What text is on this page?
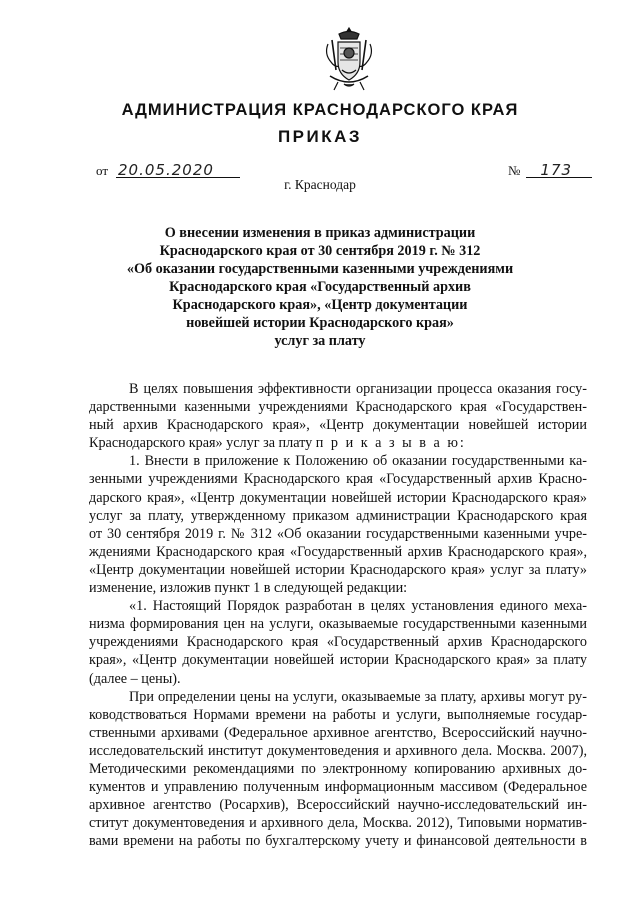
АДМИНИСТРАЦИЯ КРАСНОДАРСКОГО КРАЯ
ПРИКАЗ
от 20.05.2020	№ 173
г. Краснодар
О внесении изменения в приказ администрации
Краснодарского края от 30 сентября 2019 г. № 312
«Об оказании государственными казенными учреждениями
Краснодарского края «Государственный архив
Краснодарского края», «Центр документации
новейшей истории Краснодарского края»
услуг за плату
В целях повышения эффективности организации процесса оказания госу-
дарственными казенными учреждениями Краснодарского края «Государствен-
ный архив Краснодарского края», «Центр документации новейшей истории
Краснодарского края» услуг за плату п р и к а з ы в а ю:
1. Внести в приложение к Положению об оказании государственными ка-
зенными учреждениями Краснодарского края «Государственный архив Красно-
дарского края», «Центр документации новейшей истории Краснодарского края»
услуг за плату, утвержденному приказом администрации Краснодарского края
от 30 сентября 2019 г. № 312 «Об оказании государственными казенными учре-
ждениями Краснодарского края «Государственный архив Краснодарского края»,
«Центр документации новейшей истории Краснодарского края» услуг за плату»
изменение, изложив пункт 1 в следующей редакции:
«1. Настоящий Порядок разработан в целях установления единого меха-
низма формирования цен на услуги, оказываемые государственными казенными
учреждениями Краснодарского края «Государственный архив Краснодарского
края», «Центр документации новейшей истории Краснодарского края» за плату
(далее – цены).
При определении цены на услуги, оказываемые за плату, архивы могут ру-
ководствоваться Нормами времени на работы и услуги, выполняемые государ-
ственными архивами (Федеральное архивное агентство, Всероссийский научно-
исследовательский институт документоведения и архивного дела. Москва. 2007),
Методическими рекомендациями по электронному копированию архивных до-
кументов и управлению полученным информационным массивом (Федеральное
архивное агентство (Росархив), Всероссийский научно-исследовательский ин-
ститут документоведения и архивного дела, Москва. 2012), Типовыми норматив-
вами времени на работы по бухгалтерскому учету и финансовой деятельности в
